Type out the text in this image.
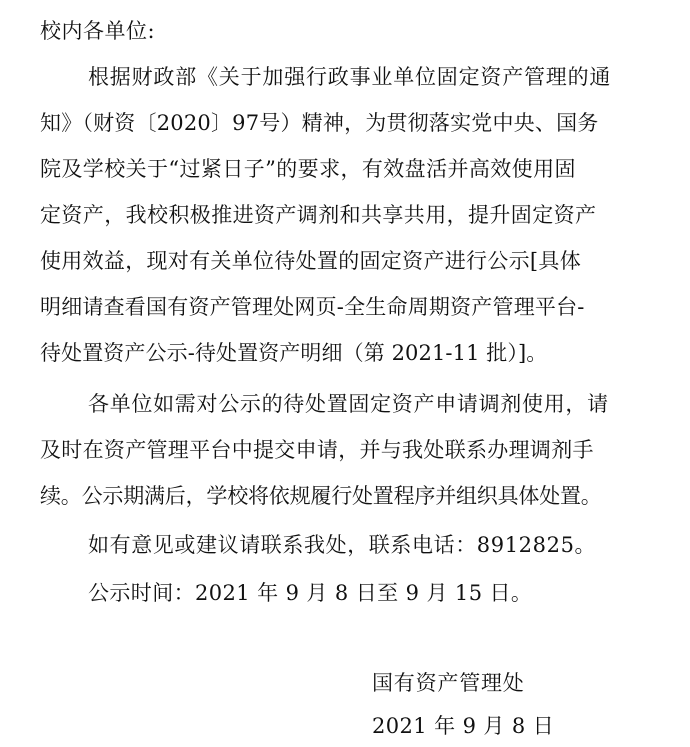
校内各单位:
根据财政部《关于加强行政事业单位固定资产管理的通
知》（财资〔2020〕97号）精神，为贯彻落实党中央、国务
院及学校关于“过紧日子”的要求，有效盘活并高效使用固
定资产，我校积极推进资产调剂和共享共用，提升固定资产
使用效益，现对有关单位待处置的固定资产进行公示[具体
明细请查看国有资产管理处网页-全生命周期资产管理平台-
待处置资产公示-待处置资产明细（第 2021-11 批）]。
各单位如需对公示的待处置固定资产申请调剂使用，请
及时在资产管理平台中提交申请，并与我处联系办理调剂手
续。公示期满后，学校将依规履行处置程序并组织具体处置。
如有意见或建议请联系我处，联系电话：8912825。
公示时间：2021 年 9 月 8 日至 9 月 15 日。
国有资产管理处
2021 年 9 月 8 日
